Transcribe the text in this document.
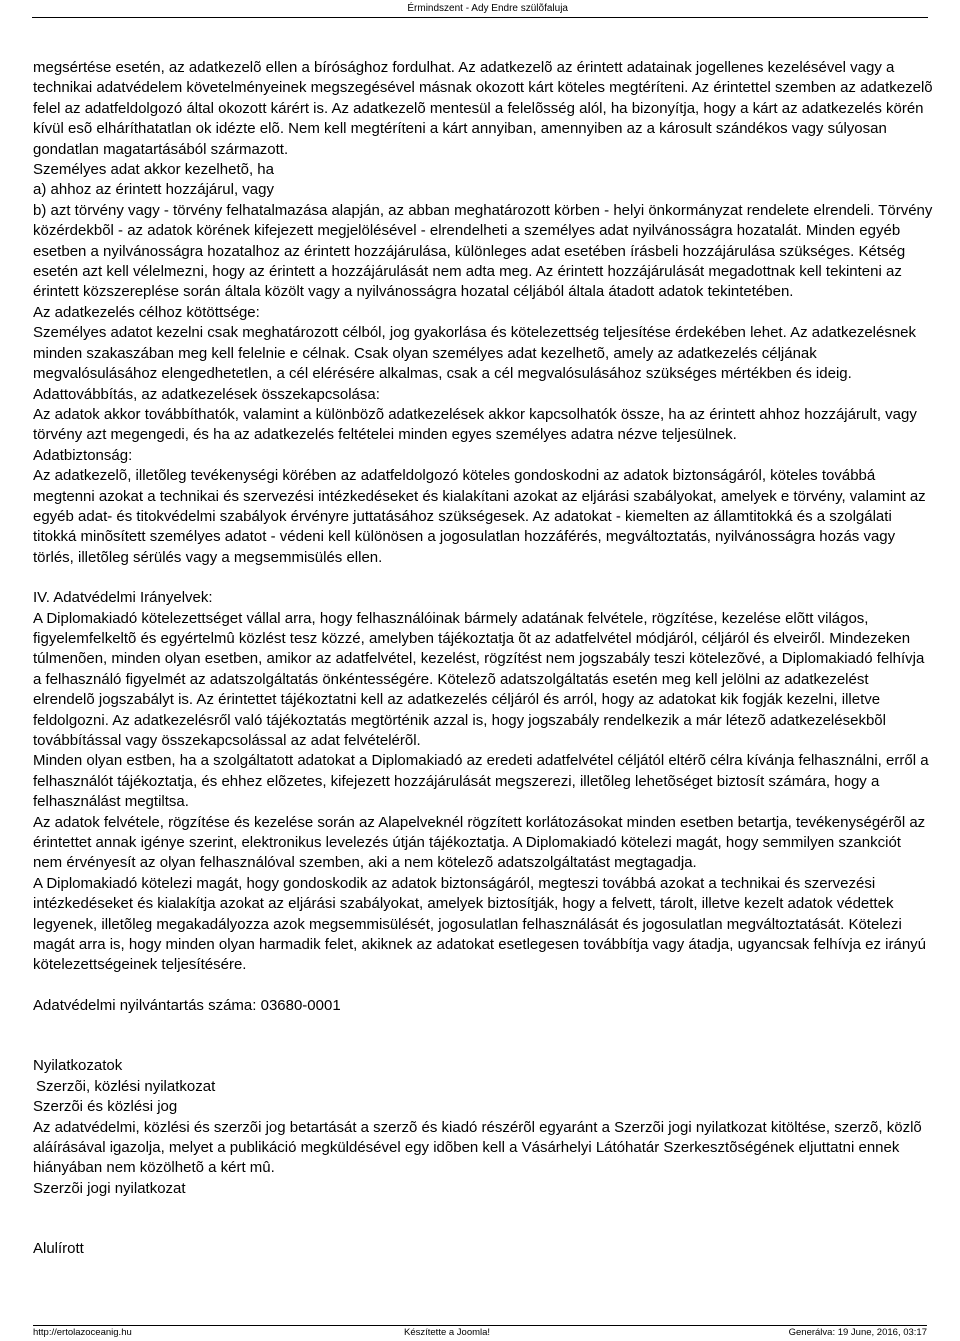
Érmindszent - Ady Endre szülõfaluja

megsértése esetén, az adatkezelõ ellen a bírósághoz fordulhat. Az adatkezelõ az érintett adatainak jogellenes kezelésével vagy a technikai adatvédelem követelményeinek megszegésével másnak okozott kárt köteles megtéríteni. Az érintettel szemben az adatkezelõ felel az adatfeldolgozó által okozott kárért is. Az adatkezelõ mentesül a felelõsség alól, ha bizonyítja, hogy a kárt az adatkezelés körén kívül esõ elháríthatatlan ok idézte elõ. Nem kell megtéríteni a kárt annyiban, amennyiben az a károsult szándékos vagy súlyosan gondatlan magatartásából származott.

Személyes adat akkor kezelhetõ, ha

a) ahhoz az érintett hozzájárul, vagy

b) azt törvény vagy - törvény felhatalmazása alapján, az abban meghatározott körben - helyi önkormányzat rendelete elrendeli. Törvény közérdekbõl - az adatok körének kifejezett megjelölésével - elrendelheti a személyes adat nyilvánosságra hozatalát. Minden egyéb esetben a nyilvánosságra hozatalhoz az érintett hozzájárulása, különleges adat esetében írásbeli hozzájárulása szükséges. Kétség esetén azt kell vélelmezni, hogy az érintett a hozzájárulását nem adta meg. Az érintett hozzájárulását megadottnak kell tekinteni az érintett közszereplése során általa közölt vagy a nyilvánosságra hozatal céljából általa átadott adatok tekintetében.

Az adatkezelés célhoz kötöttsége:

Személyes adatot kezelni csak meghatározott célból, jog gyakorlása és kötelezettség teljesítése érdekében lehet. Az adatkezelésnek minden szakaszában meg kell felelnie e célnak. Csak olyan személyes adat kezelhetõ, amely az adatkezelés céljának megvalósulásához elengedhetetlen, a cél elérésére alkalmas, csak a cél megvalósulásához szükséges mértékben és ideig.

Adattovábbítás, az adatkezelések összekapcsolása:

Az adatok akkor továbbíthatók, valamint a különbözõ adatkezelések akkor kapcsolhatók össze, ha az érintett ahhoz hozzájárult, vagy törvény azt megengedi, és ha az adatkezelés feltételei minden egyes személyes adatra nézve teljesülnek.

Adatbiztonság:

Az adatkezelõ, illetõleg tevékenységi körében az adatfeldolgozó köteles gondoskodni az adatok biztonságáról, köteles továbbá megtenni azokat a technikai és szervezési intézkedéseket és kialakítani azokat az eljárási szabályokat, amelyek e törvény, valamint az egyéb adat- és titokvédelmi szabályok érvényre juttatásához szükségesek. Az adatokat - kiemelten az államtitokká és a szolgálati titokká minõsített személyes adatot - védeni kell különösen a jogosulatlan hozzáférés, megváltoztatás, nyilvánosságra hozás vagy törlés, illetõleg sérülés vagy a megsemmisülés ellen.

IV. Adatvédelmi Irányelvek:

A Diplomakiadó kötelezettséget vállal arra, hogy felhasználóinak bármely adatának felvétele, rögzítése, kezelése elõtt világos, figyelemfelkeltõ és egyértelmû közlést tesz közzé, amelyben tájékoztatja õt az adatfelvétel módjáról, céljáról és elveiről. Mindezeken túlmenõen, minden olyan esetben, amikor az adatfelvétel, kezelést, rögzítést nem jogszabály teszi kötelezõvé, a Diplomakiadó felhívja a felhasználó figyelmét az adatszolgáltatás önkéntességére. Kötelezõ adatszolgáltatás esetén meg kell jelölni az adatkezelést elrendelõ jogszabályt is. Az érintettet tájékoztatni kell az adatkezelés céljáról és arról, hogy az adatokat kik fogják kezelni, illetve feldolgozni. Az adatkezelésről való tájékoztatás megtörténik azzal is, hogy jogszabály rendelkezik a már létezõ adatkezelésekbõl továbbítással vagy összekapcsolással az adat felvételérõl.

Minden olyan estben, ha a szolgáltatott adatokat a Diplomakiadó az eredeti adatfelvétel céljától eltérõ célra kívánja felhasználni, erről a felhasználót tájékoztatja, és ehhez elõzetes, kifejezett hozzájárulását megszerezi, illetõleg lehetõséget biztosít számára, hogy a felhasználást megtiltsa.

Az adatok felvétele, rögzítése és kezelése során az Alapelveknél rögzített korlátozásokat minden esetben betartja, tevékenységérõl az érintettet annak igénye szerint, elektronikus levelezés útján tájékoztatja. A Diplomakiadó kötelezi magát, hogy semmilyen szankciót nem érvényesít az olyan felhasználóval szemben, aki a nem kötelezõ adatszolgáltatást megtagadja.

A Diplomakiadó kötelezi magát, hogy gondoskodik az adatok biztonságáról, megteszi továbbá azokat a technikai és szervezési intézkedéseket és kialakítja azokat az eljárási szabályokat, amelyek biztosítják, hogy a felvett, tárolt, illetve kezelt adatok védettek legyenek, illetõleg megakadályozza azok megsemmisülését, jogosulatlan felhasználását és jogosulatlan megváltoztatását. Kötelezi magát arra is, hogy minden olyan harmadik felet, akiknek az adatokat esetlegesen továbbítja vagy átadja, ugyancsak felhívja ez irányú kötelezettségeinek teljesítésére.

Adatvédelmi nyilvántartás száma: 03680-0001

Nyilatkozatok

Szerzõi, közlési nyilatkozat

Szerzõi és közlési jog

Az adatvédelmi, közlési és szerzõi jog betartását a szerzõ és kiadó részérõl egyaránt a Szerzõi jogi nyilatkozat kitöltése, szerzõ, közlõ aláírásával igazolja, melyet a publikáció megküldésével egy idõben kell a Vásárhelyi Látóhatár Szerkesztõségének eljuttatni ennek hiányában nem közölhetõ a kért mû.

Szerzõi jogi nyilatkozat

Alulírott

http://ertolazoceanig.hu	Készítette a Joomla!	Generálva: 19 June, 2016, 03:17
